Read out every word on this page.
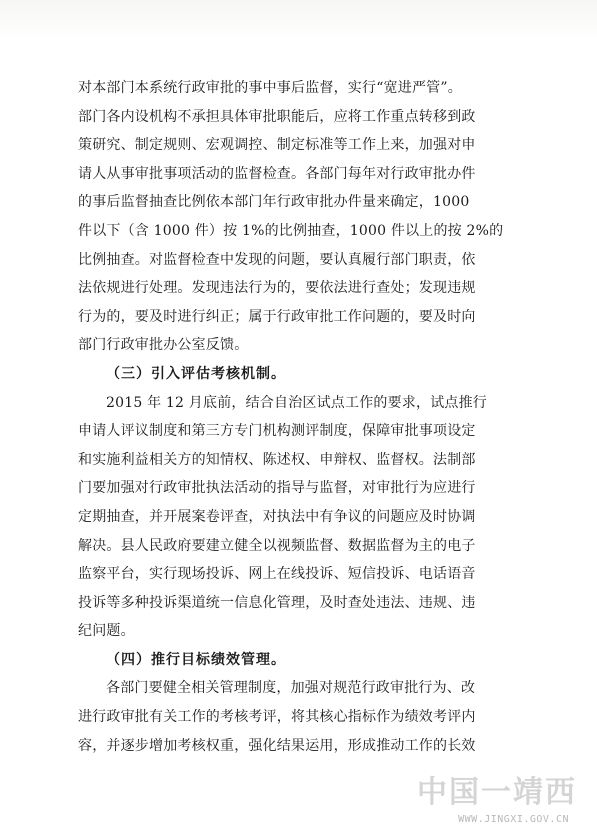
对本部门本系统行政审批的事中事后监督，实行“宽进严管”。
部门各内设机构不承担具体审批职能后，应将工作重点转移到政
策研究、制定规则、宏观调控、制定标准等工作上来，加强对申
请人从事审批事项活动的监督检查。各部门每年对行政审批办件
的事后监督抽查比例依本部门年行政审批办件量来确定，1000
件以下（含 1000 件）按 1%的比例抽查，1000 件以上的按 2%的
比例抽查。对监督检查中发现的问题，要认真履行部门职责，依
法依规进行处理。发现违法行为的，要依法进行查处；发现违规
行为的，要及时进行纠正；属于行政审批工作问题的，要及时向
部门行政审批办公室反馈。
（三）引入评估考核机制。
2015 年 12 月底前，结合自治区试点工作的要求，试点推行
申请人评议制度和第三方专门机构测评制度，保障审批事项设定
和实施利益相关方的知情权、陈述权、申辩权、监督权。法制部
门要加强对行政审批执法活动的指导与监督，对审批行为应进行
定期抽查，并开展案卷评查，对执法中有争议的问题应及时协调
解决。县人民政府要建立健全以视频监督、数据监督为主的电子
监察平台，实行现场投诉、网上在线投诉、短信投诉、电话语音
投诉等多种投诉渠道统一信息化管理，及时查处违法、违规、违
纪问题。
（四）推行目标绩效管理。
各部门要健全相关管理制度，加强对规范行政审批行为、改
进行政审批有关工作的考核考评，将其核心指标作为绩效考评内
容，并逐步增加考核权重，强化结果运用，形成推动工作的长效
中国一靖西
WWW.JINGXI.GOV.CN
